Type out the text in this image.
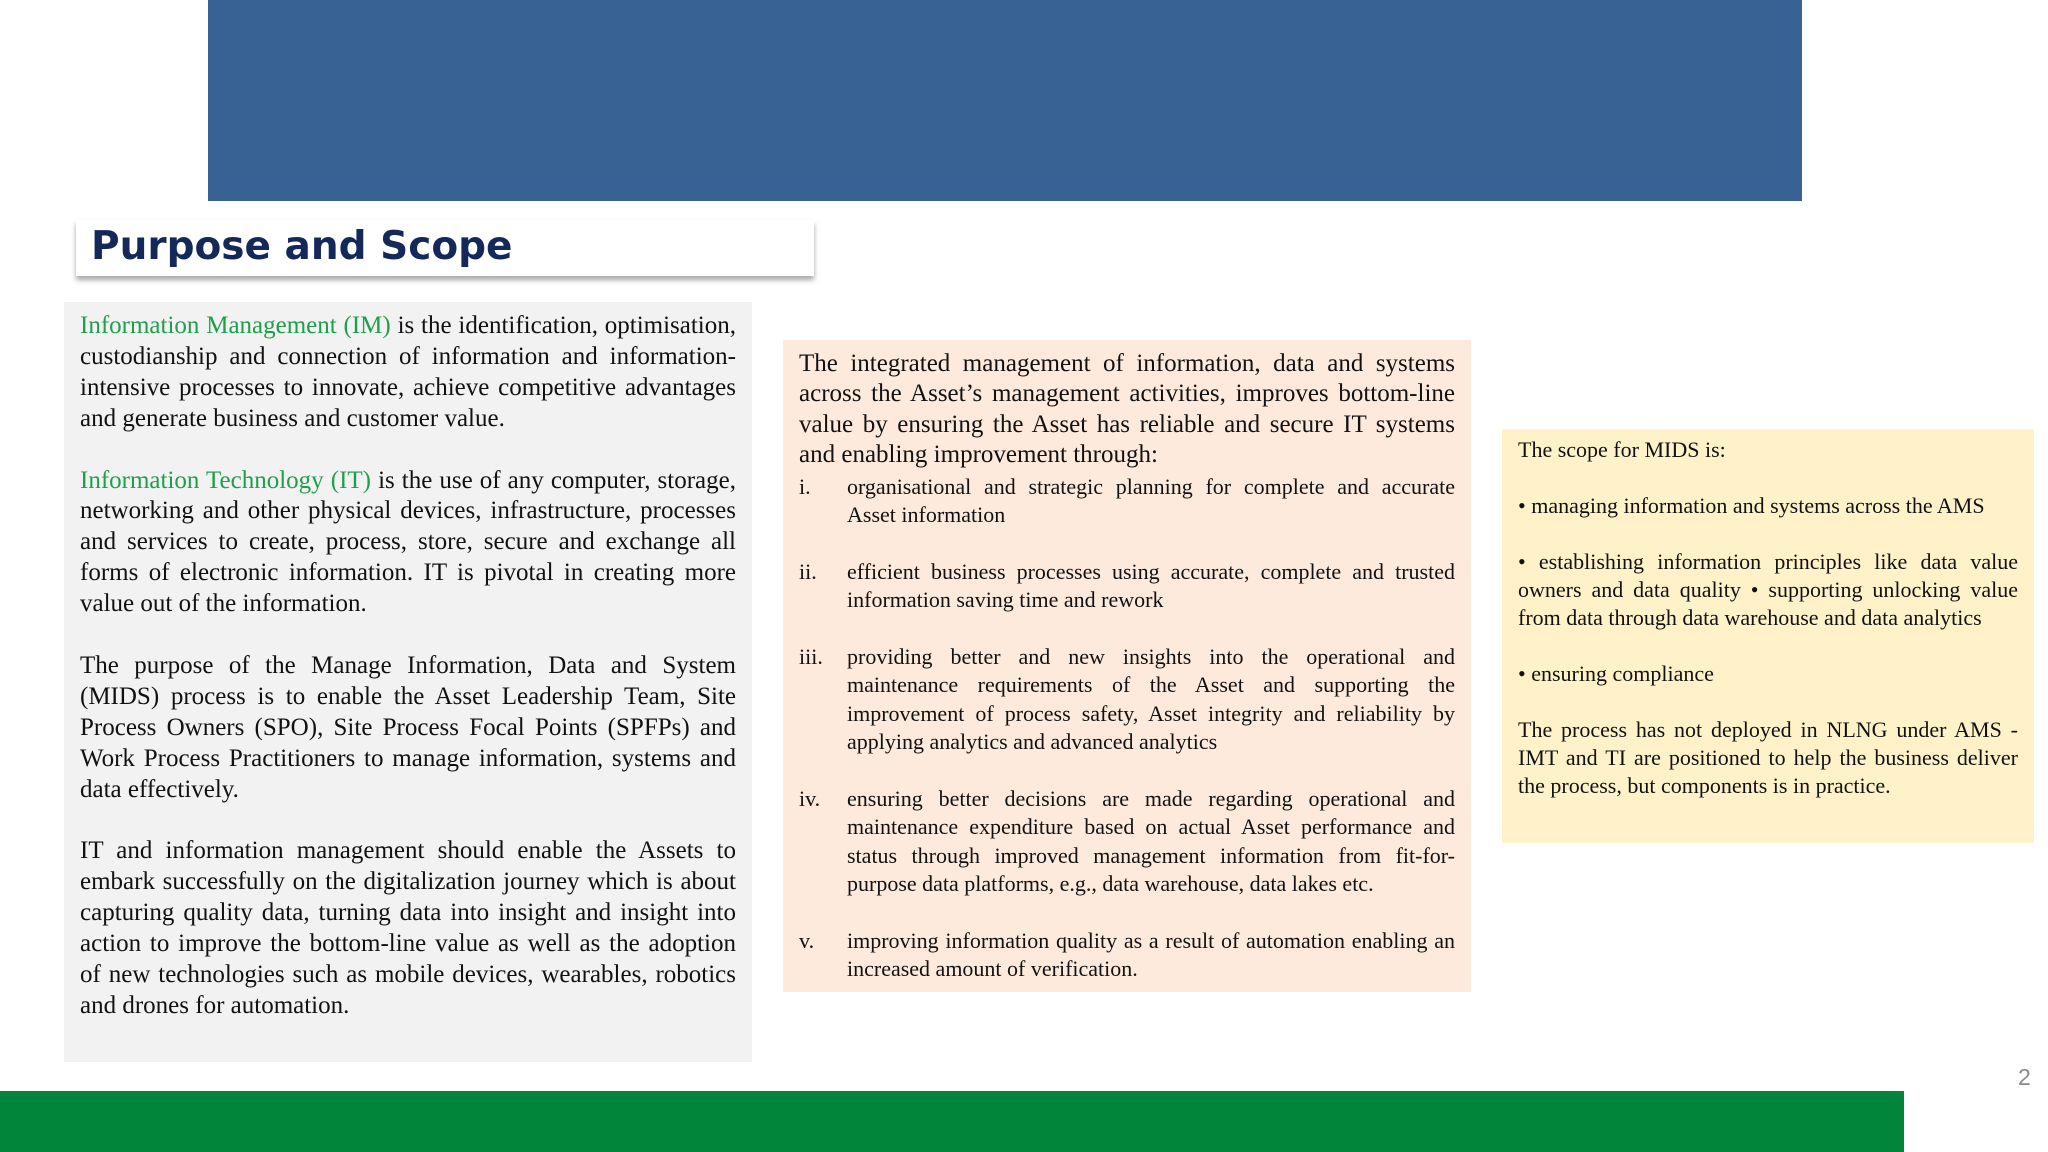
Purpose and Scope

Information Management (IM) is the identification, optimisation, custodianship and connection of information and information-intensive processes to innovate, achieve competitive advantages and generate business and customer value.

Information Technology (IT) is the use of any computer, storage, networking and other physical devices, infrastructure, processes and services to create, process, store, secure and exchange all forms of electronic information. IT is pivotal in creating more value out of the information.

The purpose of the Manage Information, Data and System (MIDS) process is to enable the Asset Leadership Team, Site Process Owners (SPO), Site Process Focal Points (SPFPs) and Work Process Practitioners to manage information, systems and data effectively.

IT and information management should enable the Assets to embark successfully on the digitalization journey which is about capturing quality data, turning data into insight and insight into action to improve the bottom-line value as well as the adoption of new technologies such as mobile devices, wearables, robotics and drones for automation.

The integrated management of information, data and systems across the Asset’s management activities, improves bottom-line value by ensuring the Asset has reliable and secure IT systems and enabling improvement through:

i. organisational and strategic planning for complete and accurate Asset information
ii. efficient business processes using accurate, complete and trusted information saving time and rework
iii. providing better and new insights into the operational and maintenance requirements of the Asset and supporting the improvement of process safety, Asset integrity and reliability by applying analytics and advanced analytics
iv. ensuring better decisions are made regarding operational and maintenance expenditure based on actual Asset performance and status through improved management information from fit-for-purpose data platforms, e.g., data warehouse, data lakes etc.
v. improving information quality as a result of automation enabling an increased amount of verification.

The scope for MIDS is:

• managing information and systems across the AMS

• establishing information principles like data value owners and data quality • supporting unlocking value from data through data warehouse and data analytics

• ensuring compliance

The process has not deployed in NLNG under AMS - IMT and TI are positioned to help the business deliver the process, but components is in practice.

2
